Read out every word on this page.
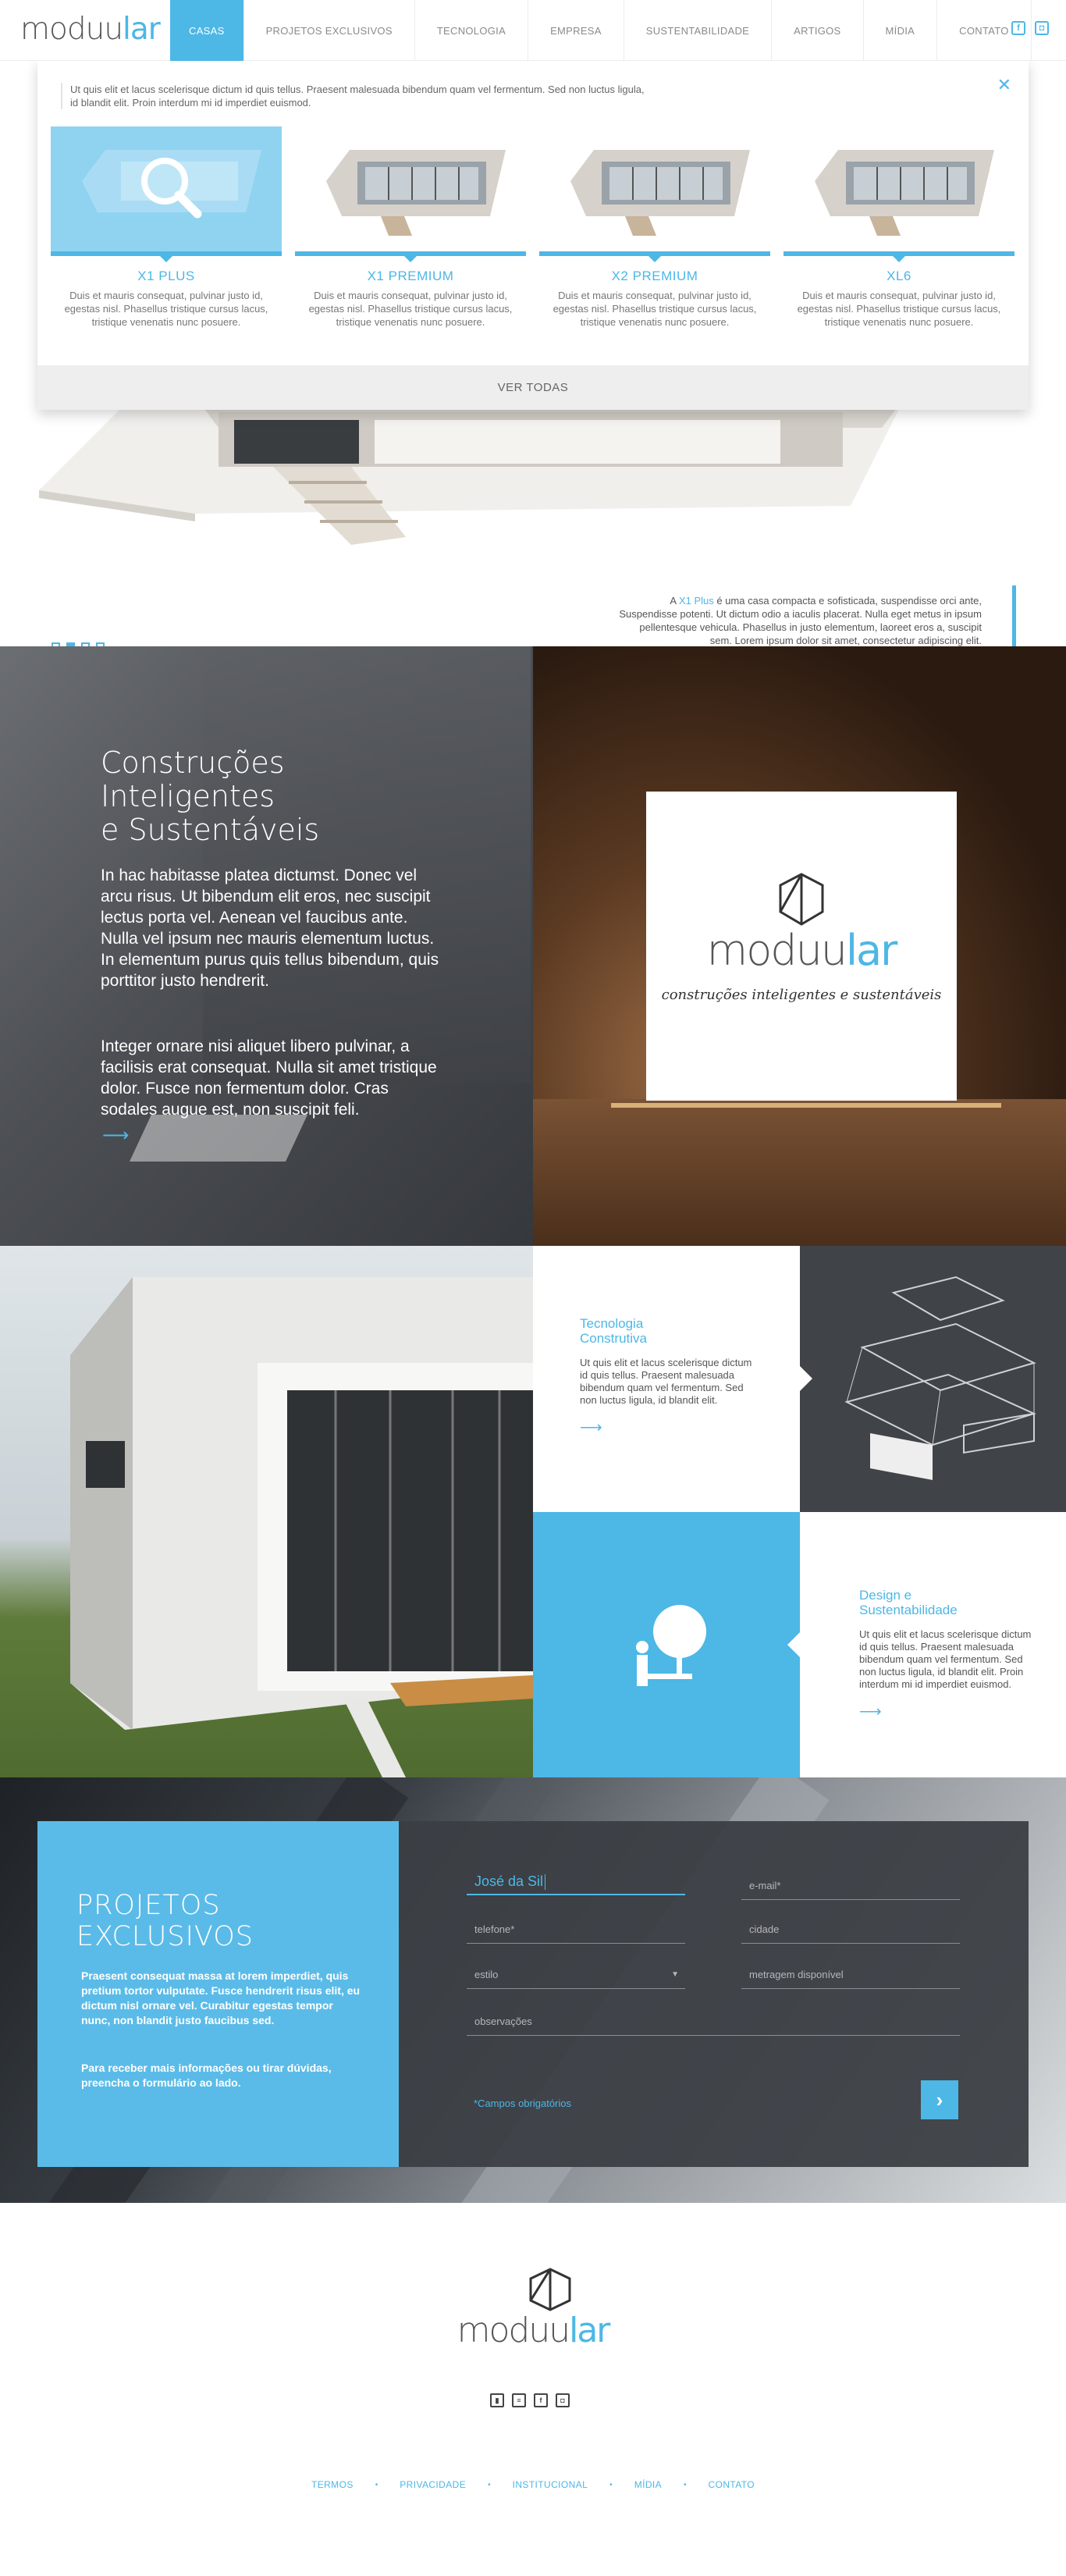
moduular	CASAS	PROJETOS EXCLUSIVOS	TECNOLOGIA	EMPRESA	SUSTENTABILIDADE	ARTIGOS	MÍDIA	CONTATO f	◘
A X1 Plus é uma casa compacta e sofisticada, suspendisse orci ante, Suspendisse potenti. Ut dictum odio a iaculis placerat. Nulla eget metus in ipsum pellentesque vehicula. Phasellus in justo elementum, laoreet eros a, suscipit sem. Lorem ipsum dolor sit amet, consectetur adipiscing elit.
Ut quis elit et lacus scelerisque dictum id quis tellus. Praesent malesuada bibendum quam vel fermentum. Sed non luctus ligula, id blandit elit. Proin interdum mi id imperdiet euismod.
✕
X1 PLUS
Duis et mauris consequat, pulvinar justo id, egestas nisl. Phasellus tristique cursus lacus, tristique venenatis nunc posuere.
X1 PREMIUM
Duis et mauris consequat, pulvinar justo id, egestas nisl. Phasellus tristique cursus lacus, tristique venenatis nunc posuere.
X2 PREMIUM
Duis et mauris consequat, pulvinar justo id, egestas nisl. Phasellus tristique cursus lacus, tristique venenatis nunc posuere.
XL6
Duis et mauris consequat, pulvinar justo id, egestas nisl. Phasellus tristique cursus lacus, tristique venenatis nunc posuere.
VER TODAS
Construções
Inteligentes
e Sustentáveis
In hac habitasse platea dictumst. Donec vel arcu risus. Ut bibendum elit eros, nec suscipit lectus porta vel. Aenean vel faucibus ante. Nulla vel ipsum nec mauris elementum luctus. In elementum purus quis tellus bibendum, quis porttitor justo hendrerit.
Integer ornare nisi aliquet libero pulvinar, a facilisis erat consequat. Nulla sit amet tristique dolor. Fusce non fermentum dolor. Cras sodales augue est, non suscipit feli.
⟶
moduular
construções inteligentes e sustentáveis
Tecnologia
Construtiva
Ut quis elit et lacus scelerisque dictum id quis tellus. Praesent malesuada bibendum quam vel fermentum. Sed non luctus ligula, id blandit elit.
⟶
Design e
Sustentabilidade
Ut quis elit et lacus scelerisque dictum id quis tellus. Praesent malesuada bibendum quam vel fermentum. Sed non luctus ligula, id blandit elit. Proin interdum mi id imperdiet euismod.
⟶
PROJETOS
EXCLUSIVOS
Praesent consequat massa at lorem imperdiet, quis pretium tortor vulputate. Fusce hendrerit risus elit, eu dictum nisl ornare vel. Curabitur egestas tempor nunc, non blandit justo faucibus sed.
Para receber mais informações ou tirar dúvidas, preencha o formulário ao lado.
José da Sil	e-mail*
telefone*	cidade
estilo	▼	metragem disponível
observações
*Campos obrigatórios	›
moduular
▮	≡	f	◘
TERMOS	• PRIVACIDADE	• INSTITUCIONAL	• MÍDIA	• CONTATO
